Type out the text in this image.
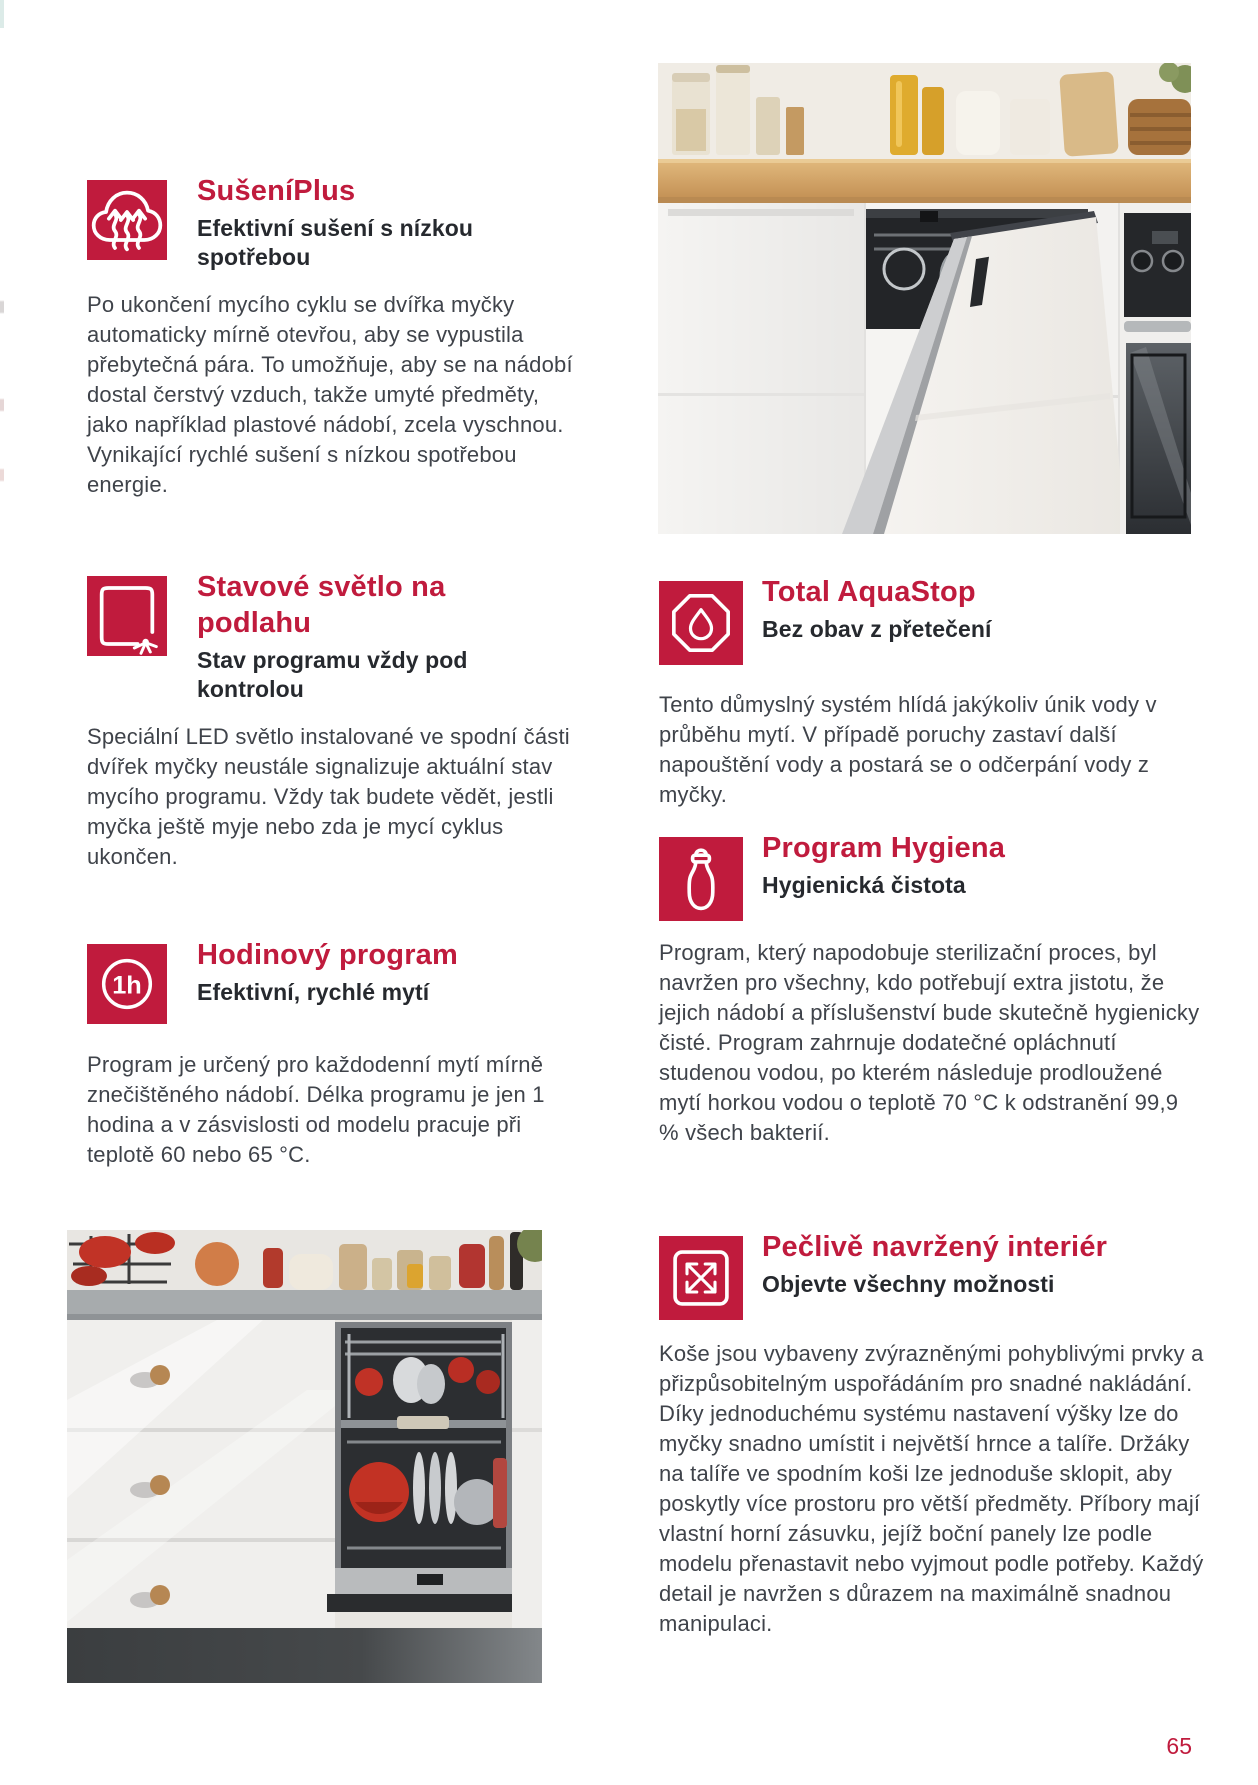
SušeníPlus
Efektivní sušení s nízkou spotřebou

Po ukončení mycího cyklu se dvířka myčky automaticky mírně otevřou, aby se vypustila přebytečná pára. To umožňuje, aby se na nádobí dostal čerstvý vzduch, takže umyté předměty, jako například plastové nádobí, zcela vyschnou. Vynikající rychlé sušení s nízkou spotřebou energie.

Stavové světlo na podlahu
Stav programu vždy pod kontrolou

Speciální LED světlo instalované ve spodní části dvířek myčky neustále signalizuje aktuální stav mycího programu. Vždy tak budete vědět, jestli myčka ještě myje nebo zda je mycí cyklus ukončen.

1h
Hodinový program
Efektivní, rychlé mytí

Program je určený pro každodenní mytí mírně znečištěného nádobí. Délka programu je jen 1 hodina a v zásvislosti od modelu pracuje při teplotě 60 nebo 65 °C.

Total AquaStop
Bez obav z přetečení

Tento důmyslný systém hlídá jakýkoliv únik vody v průběhu mytí. V případě poruchy zastaví další napouštění vody a postará se o odčerpání vody z myčky.

Program Hygiena
Hygienická čistota

Program, který napodobuje sterilizační proces, byl navržen pro všechny, kdo potřebují extra jistotu, že jejich nádobí a příslušenství bude skutečně hygienicky čisté. Program zahrnuje dodatečné opláchnutí studenou vodou, po kterém následuje prodloužené mytí horkou vodou o teplotě 70 °C k odstranění 99,9 % všech bakterií.

Pečlivě navržený interiér
Objevte všechny možnosti

Koše jsou vybaveny zvýrazněnými pohyblivými prvky a přizpůsobitelným uspořádáním pro snadné nakládání. Díky jednoduchému systému nastavení výšky lze do myčky snadno umístit i největší hrnce a talíře. Držáky na talíře ve spodním koši lze jednoduše sklopit, aby poskytly více prostoru pro větší předměty. Příbory mají vlastní horní zásuvku, jejíž boční panely lze podle modelu přenastavit nebo vyjmout podle potřeby. Každý detail je navržen s důrazem na maximálně snadnou manipulaci.

65
